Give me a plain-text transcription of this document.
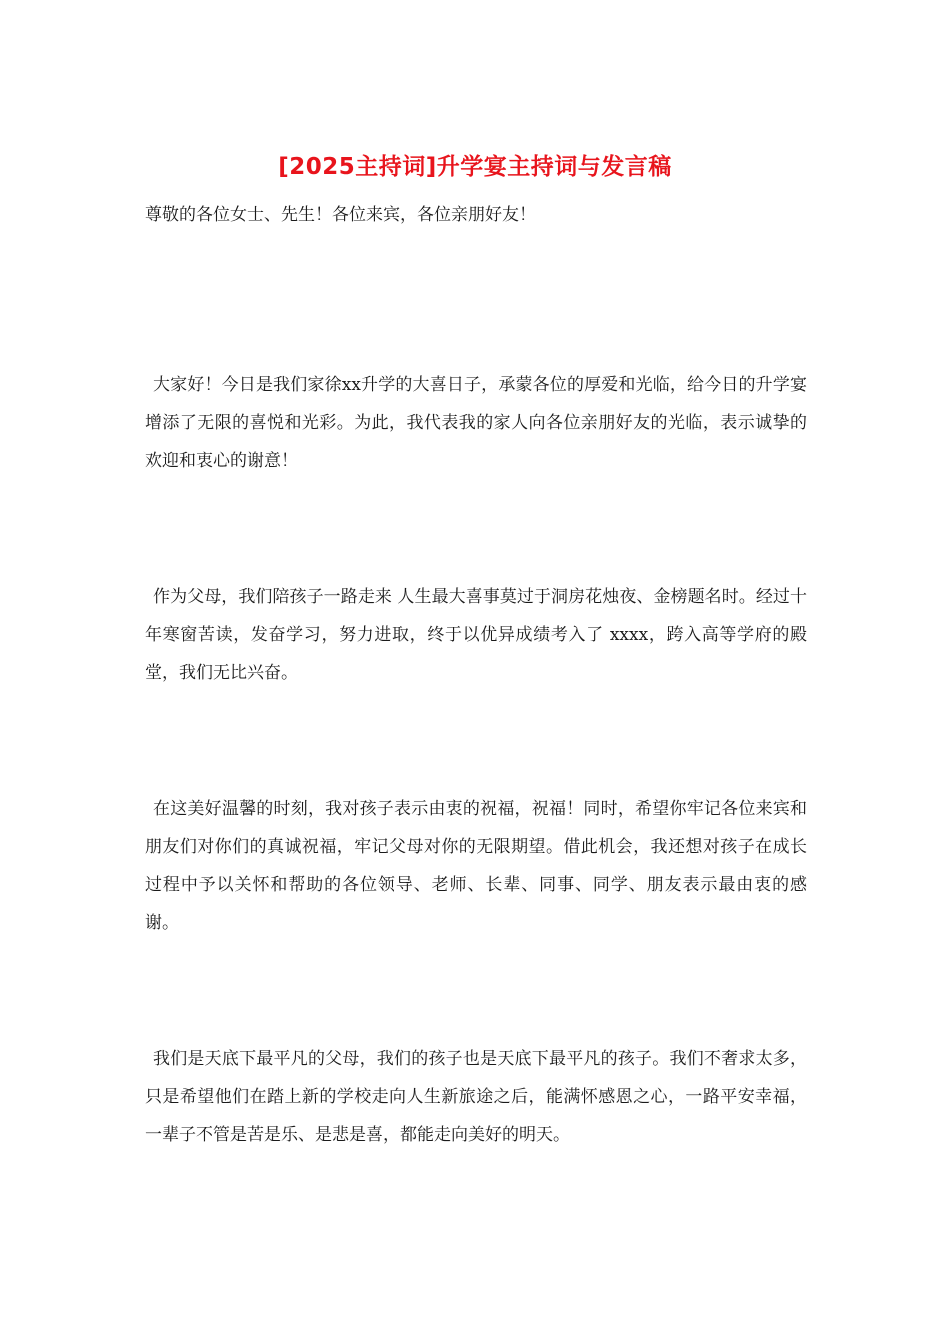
[2025主持词]升学宴主持词与发言稿

尊敬的各位女士、先生！各位来宾，各位亲朋好友！

大家好！今日是我们家徐xx升学的大喜日子，承蒙各位的厚爱和光临，给今日的升学宴增添了无限的喜悦和光彩。为此，我代表我的家人向各位亲朋好友的光临，表示诚挚的欢迎和衷心的谢意！

作为父母，我们陪孩子一路走来 人生最大喜事莫过于洞房花烛夜、金榜题名时。经过十年寒窗苦读，发奋学习，努力进取，终于以优异成绩考入了 xxxx，跨入高等学府的殿堂，我们无比兴奋。

在这美好温馨的时刻，我对孩子表示由衷的祝福，祝福！同时，希望你牢记各位来宾和朋友们对你们的真诚祝福，牢记父母对你的无限期望。借此机会，我还想对孩子在成长过程中予以关怀和帮助的各位领导、老师、长辈、同事、同学、朋友表示最由衷的感谢。

我们是天底下最平凡的父母，我们的孩子也是天底下最平凡的孩子。我们不奢求太多，只是希望他们在踏上新的学校走向人生新旅途之后，能满怀感恩之心，一路平安幸福，一辈子不管是苦是乐、是悲是喜，都能走向美好的明天。
